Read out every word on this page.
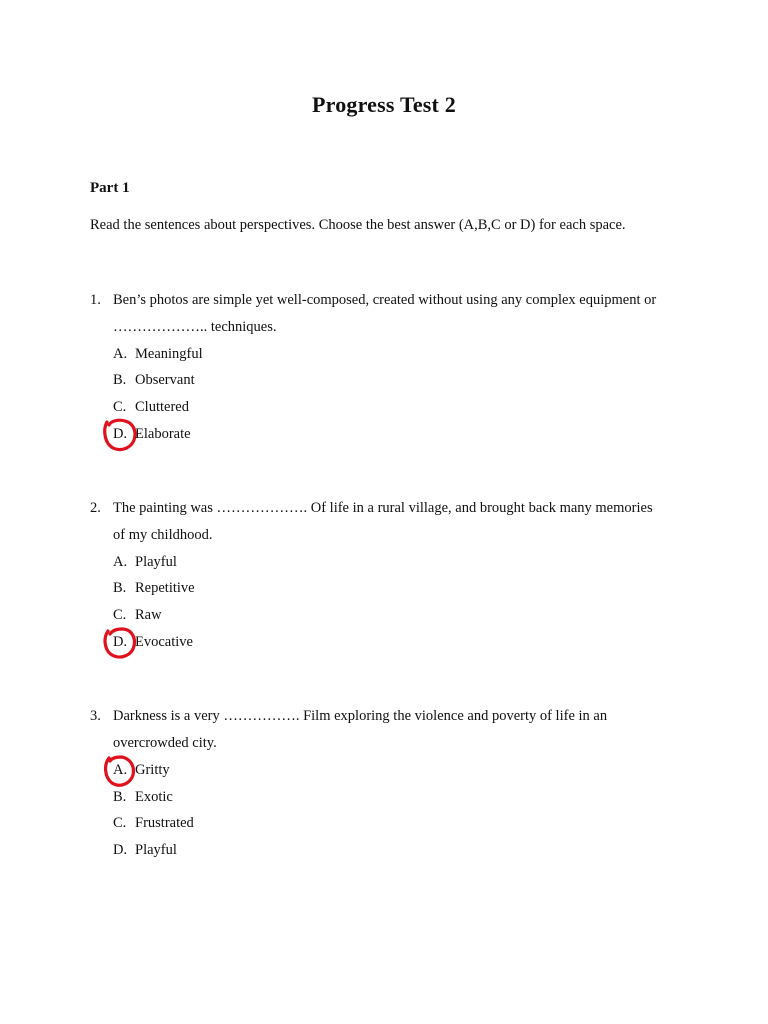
Progress Test 2
Part 1
Read the sentences about perspectives. Choose the best answer (A,B,C or D) for each space.
1. Ben’s photos are simple yet well-composed, created without using any complex equipment or
……………….. techniques.
A. Meaningful
B. Observant
C. Cluttered
D. Elaborate
2. The painting was ………………. Of life in a rural village, and brought back many memories
of my childhood.
A. Playful
B. Repetitive
C. Raw
D. Evocative
3. Darkness is a very ……………. Film exploring the violence and poverty of life in an
overcrowded city.
A. Gritty
B. Exotic
C. Frustrated
D. Playful
